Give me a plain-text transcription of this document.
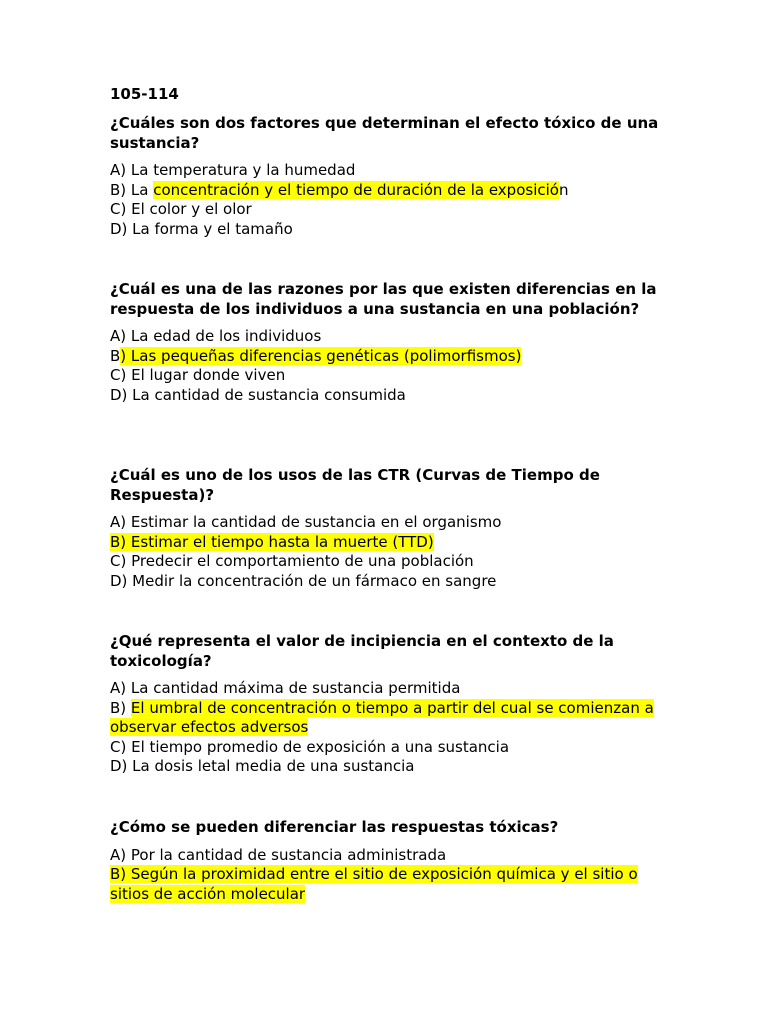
105-114

¿Cuáles son dos factores que determinan el efecto tóxico de una sustancia?

A) La temperatura y la humedad

B) La concentración y el tiempo de duración de la exposición

C) El color y el olor

D) La forma y el tamaño

¿Cuál es una de las razones por las que existen diferencias en la respuesta de los individuos a una sustancia en una población?

A) La edad de los individuos

B) Las pequeñas diferencias genéticas (polimorfismos)

C) El lugar donde viven

D) La cantidad de sustancia consumida

¿Cuál es uno de los usos de las CTR (Curvas de Tiempo de Respuesta)?

A) Estimar la cantidad de sustancia en el organismo

B) Estimar el tiempo hasta la muerte (TTD)

C) Predecir el comportamiento de una población

D) Medir la concentración de un fármaco en sangre

¿Qué representa el valor de incipiencia en el contexto de la toxicología?

A) La cantidad máxima de sustancia permitida

B) El umbral de concentración o tiempo a partir del cual se comienzan a observar efectos adversos

C) El tiempo promedio de exposición a una sustancia

D) La dosis letal media de una sustancia

¿Cómo se pueden diferenciar las respuestas tóxicas?

A) Por la cantidad de sustancia administrada

B) Según la proximidad entre el sitio de exposición química y el sitio o sitios de acción molecular
